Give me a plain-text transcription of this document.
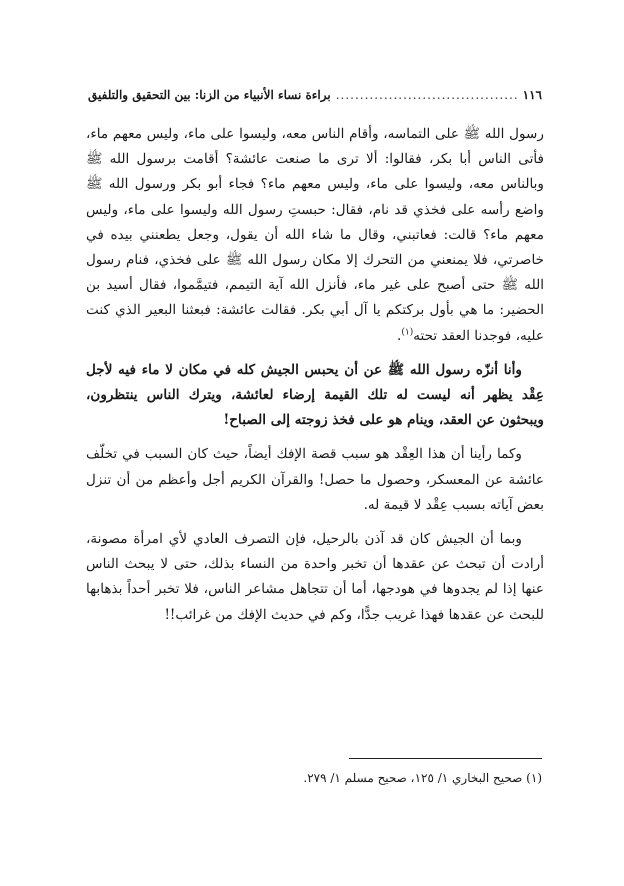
١١٦
.....
براءة نساء الأنبياء من الزنا: بين التحقيق والتلفيق

رسول الله ﷺ على التماسه، وأقام الناس معه، وليسوا على ماء، وليس معهم ماء، فأتى الناس أبا بكر، فقالوا: ألا ترى ما صنعت عائشة؟ أقامت برسول الله ﷺ وبالناس معه، وليسوا على ماء، وليس معهم ماء؟ فجاء أبو بكر ورسول الله ﷺ واضع رأسه على فخذي قد نام، فقال: حبستِ رسول الله وليسوا على ماء، وليس معهم ماء؟ قالت: فعاتبني، وقال ما شاء الله أن يقول، وجعل يطعنني بيده في خاصرتي، فلا يمنعني من التحرك إلا مكان رسول الله ﷺ على فخذي، فنام رسول الله ﷺ حتى أصبح على غير ماء، فأنزل الله آية التيمم، فتيمَّموا، فقال أسيد بن الحضير: ما هي بأول بركتكم يا آل أبي بكر. فقالت عائشة: فبعثنا البعير الذي كنت عليه، فوجدنا العقد تحته$^{(١)}$.

وأنا أنزّه رسول الله ﷺ عن أن يحبس الجيش كله في مكان لا ماء فيه لأجل عِقْد يظهر أنه ليست له تلك القيمة إرضاء لعائشة، ويترك الناس ينتظرون، ويبحثون عن العقد، وينام هو على فخذ زوجته إلى الصباح!

وكما رأينا أن هذا العِقْد هو سبب قصة الإفك أيضاً، حيث كان السبب في تخلّف عائشة عن المعسكر، وحصول ما حصل! والقرآن الكريم أجل وأعظم من أن تنزل بعض آياته بسبب عِقْد لا قيمة له.

وبما أن الجيش كان قد آذن بالرحيل، فإن التصرف العادي لأي امرأة مصونة، أرادت أن تبحث عن عقدها أن تخبر واحدة من النساء بذلك، حتى لا يبحث الناس عنها إذا لم يجدوها في هودجها، أما أن تتجاهل مشاعر الناس، فلا تخبر أحداً بذهابها للبحث عن عقدها فهذا غريب جدًّا، وكم في حديث الإفك من غرائب!!

(١) صحيح البخاري ١/ ١٢٥، صحيح مسلم ١/ ٢٧٩.
